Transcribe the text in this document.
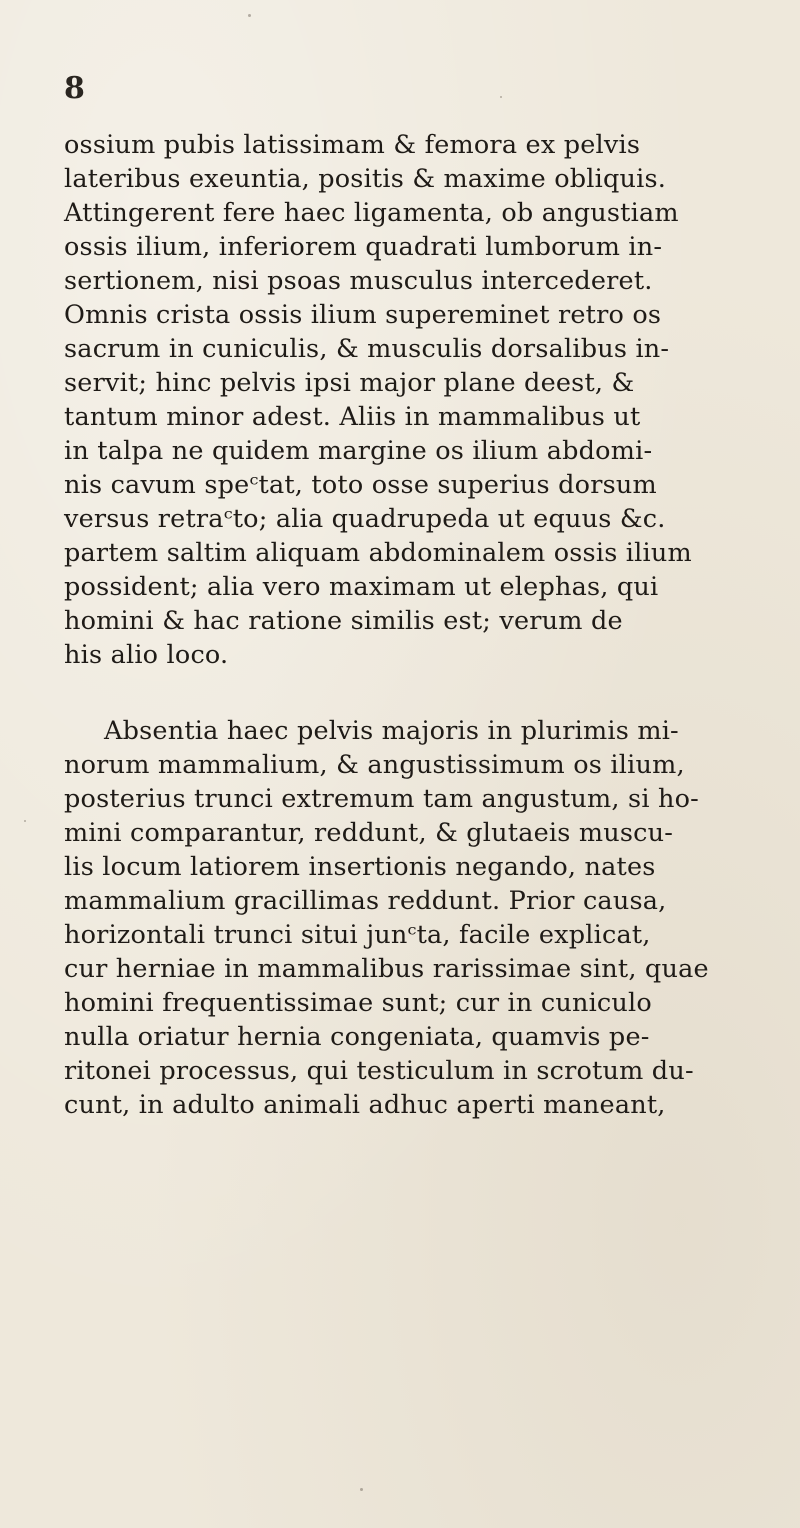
8
ossium pubis latissimam & femora ex pelvis
lateribus exeuntia, positis & maxime obliquis.
Attingerent fere haec ligamenta, ob angustiam
ossis ilium, inferiorem quadrati lumborum in-
sertionem, nisi psoas musculus intercederet.
Omnis crista ossis ilium supereminet retro os
sacrum in cuniculis, & musculis dorsalibus in-
servit; hinc pelvis ipsi major plane deest, &
tantum minor adest. Aliis in mammalibus ut
in talpa ne quidem margine os ilium abdomi-
nis cavum speᶜtat, toto osse superius dorsum
versus retraᶜto; alia quadrupeda ut equus &c.
partem saltim aliquam abdominalem ossis ilium
possident; alia vero maximam ut elephas, qui
homini & hac ratione similis est; verum de
his alio loco.
Absentia haec pelvis majoris in plurimis mi-
norum mammalium, & angustissimum os ilium,
posterius trunci extremum tam angustum, si ho-
mini comparantur, reddunt, & glutaeis muscu-
lis locum latiorem insertionis negando, nates
mammalium gracillimas reddunt. Prior causa,
horizontali trunci situi junᶜta, facile explicat,
cur herniae in mammalibus rarissimae sint, quae
homini frequentissimae sunt; cur in cuniculo
nulla oriatur hernia congeniata, quamvis pe-
ritonei processus, qui testiculum in scrotum du-
cunt, in adulto animali adhuc aperti maneant,
